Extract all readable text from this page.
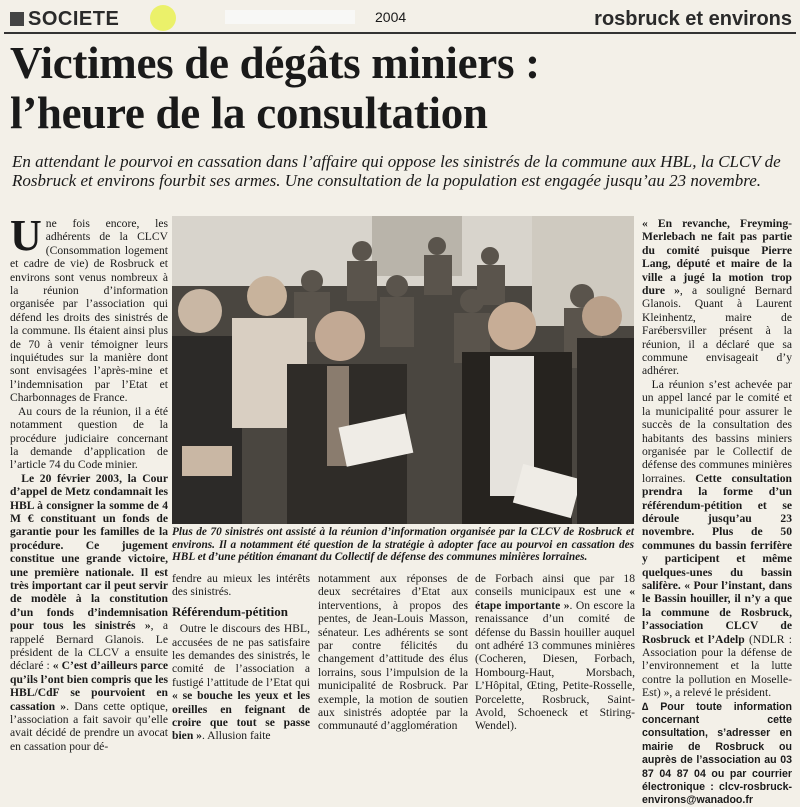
SOCIETE	2004	rosbruck et environs
Victimes de dégâts miniers :
l’heure de la consultation
En attendant le pourvoi en cassation dans l’affaire qui oppose les sinistrés de la commune aux HBL, la CLCV de Rosbruck et environs fourbit ses armes. Une consultation de la population est engagée jusqu’au 23 novembre.
Une fois encore, les adhérents de la CLCV (Consommation logement et cadre de vie) de Rosbruck et environs sont venus nombreux à la réunion d’information organisée par l’association qui défend les droits des sinistrés de la commune. Ils étaient ainsi plus de 70 à venir témoigner leurs inquiétudes sur la manière dont sont envisagées l’après-mine et l’indemnisation par l’Etat et Charbonnages de France.
Au cours de la réunion, il a été notamment question de la procédure judiciaire concernant la demande d’application de l’article 74 du Code minier.
Le 20 février 2003, la Cour d’appel de Metz condamnait les HBL à consigner la somme de 4 M € constituant un fonds de garantie pour les familles de la procédure. Ce jugement constitue une grande victoire, une première nationale. Il est très important car il peut servir de modèle à la constitution d’un fonds d’indemnisation pour tous les sinistrés », a rappelé Bernard Glanois. Le président de la CLCV a ensuite déclaré : « C’est d’ailleurs parce qu’ils l’ont bien compris que les HBL/CdF se pourvoient en cassation ». Dans cette optique, l’association a fait savoir qu’elle avait décidé de prendre un avocat en cassation pour dé-
Plus de 70 sinistrés ont assisté à la réunion d’information organisée par la CLCV de Rosbruck et environs. Il a notamment été question de la stratégie à adopter face au pourvoi en cassation des HBL et d’une pétition émanant du Collectif de défense des communes minières lorraines.
fendre au mieux les intérêts des sinistrés.
Référendum-pétition
Outre le discours des HBL, accusées de ne pas satisfaire les demandes des sinistrés, le comité de l’association a fustigé l’attitude de l’Etat qui « se bouche les yeux et les oreilles en feignant de croire que tout se passe bien ». Allusion faite
notamment aux réponses de deux secrétaires d’Etat aux interventions, à propos des pentes, de Jean-Louis Masson, sénateur. Les adhérents se sont par contre félicités du changement d’attitude des élus lorrains, sous l’impulsion de la municipalité de Rosbruck. Par exemple, la motion de soutien aux sinistrés adoptée par la communauté d’agglomération
de Forbach ainsi que par 18 conseils municipaux est une « étape importante ». On escore la renaissance d’un comité de défense du Bassin houiller auquel ont adhéré 13 communes minières (Cocheren, Diesen, Forbach, Hombourg-Haut, Morsbach, L’Hôpital, Œting, Petite-Rosselle, Porcelette, Rosbruck, Saint-Avold, Schoeneck et Stiring-Wendel).
« En revanche, Freyming-Merlebach ne fait pas partie du comité puisque Pierre Lang, député et maire de la ville a jugé la motion trop dure », a souligné Bernard Glanois. Quant à Laurent Kleinhentz, maire de Farébersviller présent à la réunion, il a déclaré que sa commune envisageait d’y adhérer.
La réunion s’est achevée par un appel lancé par le comité et la municipalité pour assurer le succès de la consultation des habitants des bassins miniers organisée par le Collectif de défense des communes minières lorraines. Cette consultation prendra la forme d’un référendum-pétition et se déroule jusqu’au 23 novembre. Plus de 50 communes du bassin ferrifère y participent et même quelques-unes du bassin salifère. « Pour l’instant, dans le Bassin houiller, il n’y a que la commune de Rosbruck, l’association CLCV de Rosbruck et l’Adelp (NDLR : Association pour la défense de l’environnement et la lutte contre la pollution en Moselle-Est) », a relevé le président.
∆ Pour toute information concernant cette consultation, s’adresser en mairie de Rosbruck ou auprès de l’association au 03 87 04 87 04 ou par courrier électronique : clcv-rosbruck-environs@wanadoo.fr
